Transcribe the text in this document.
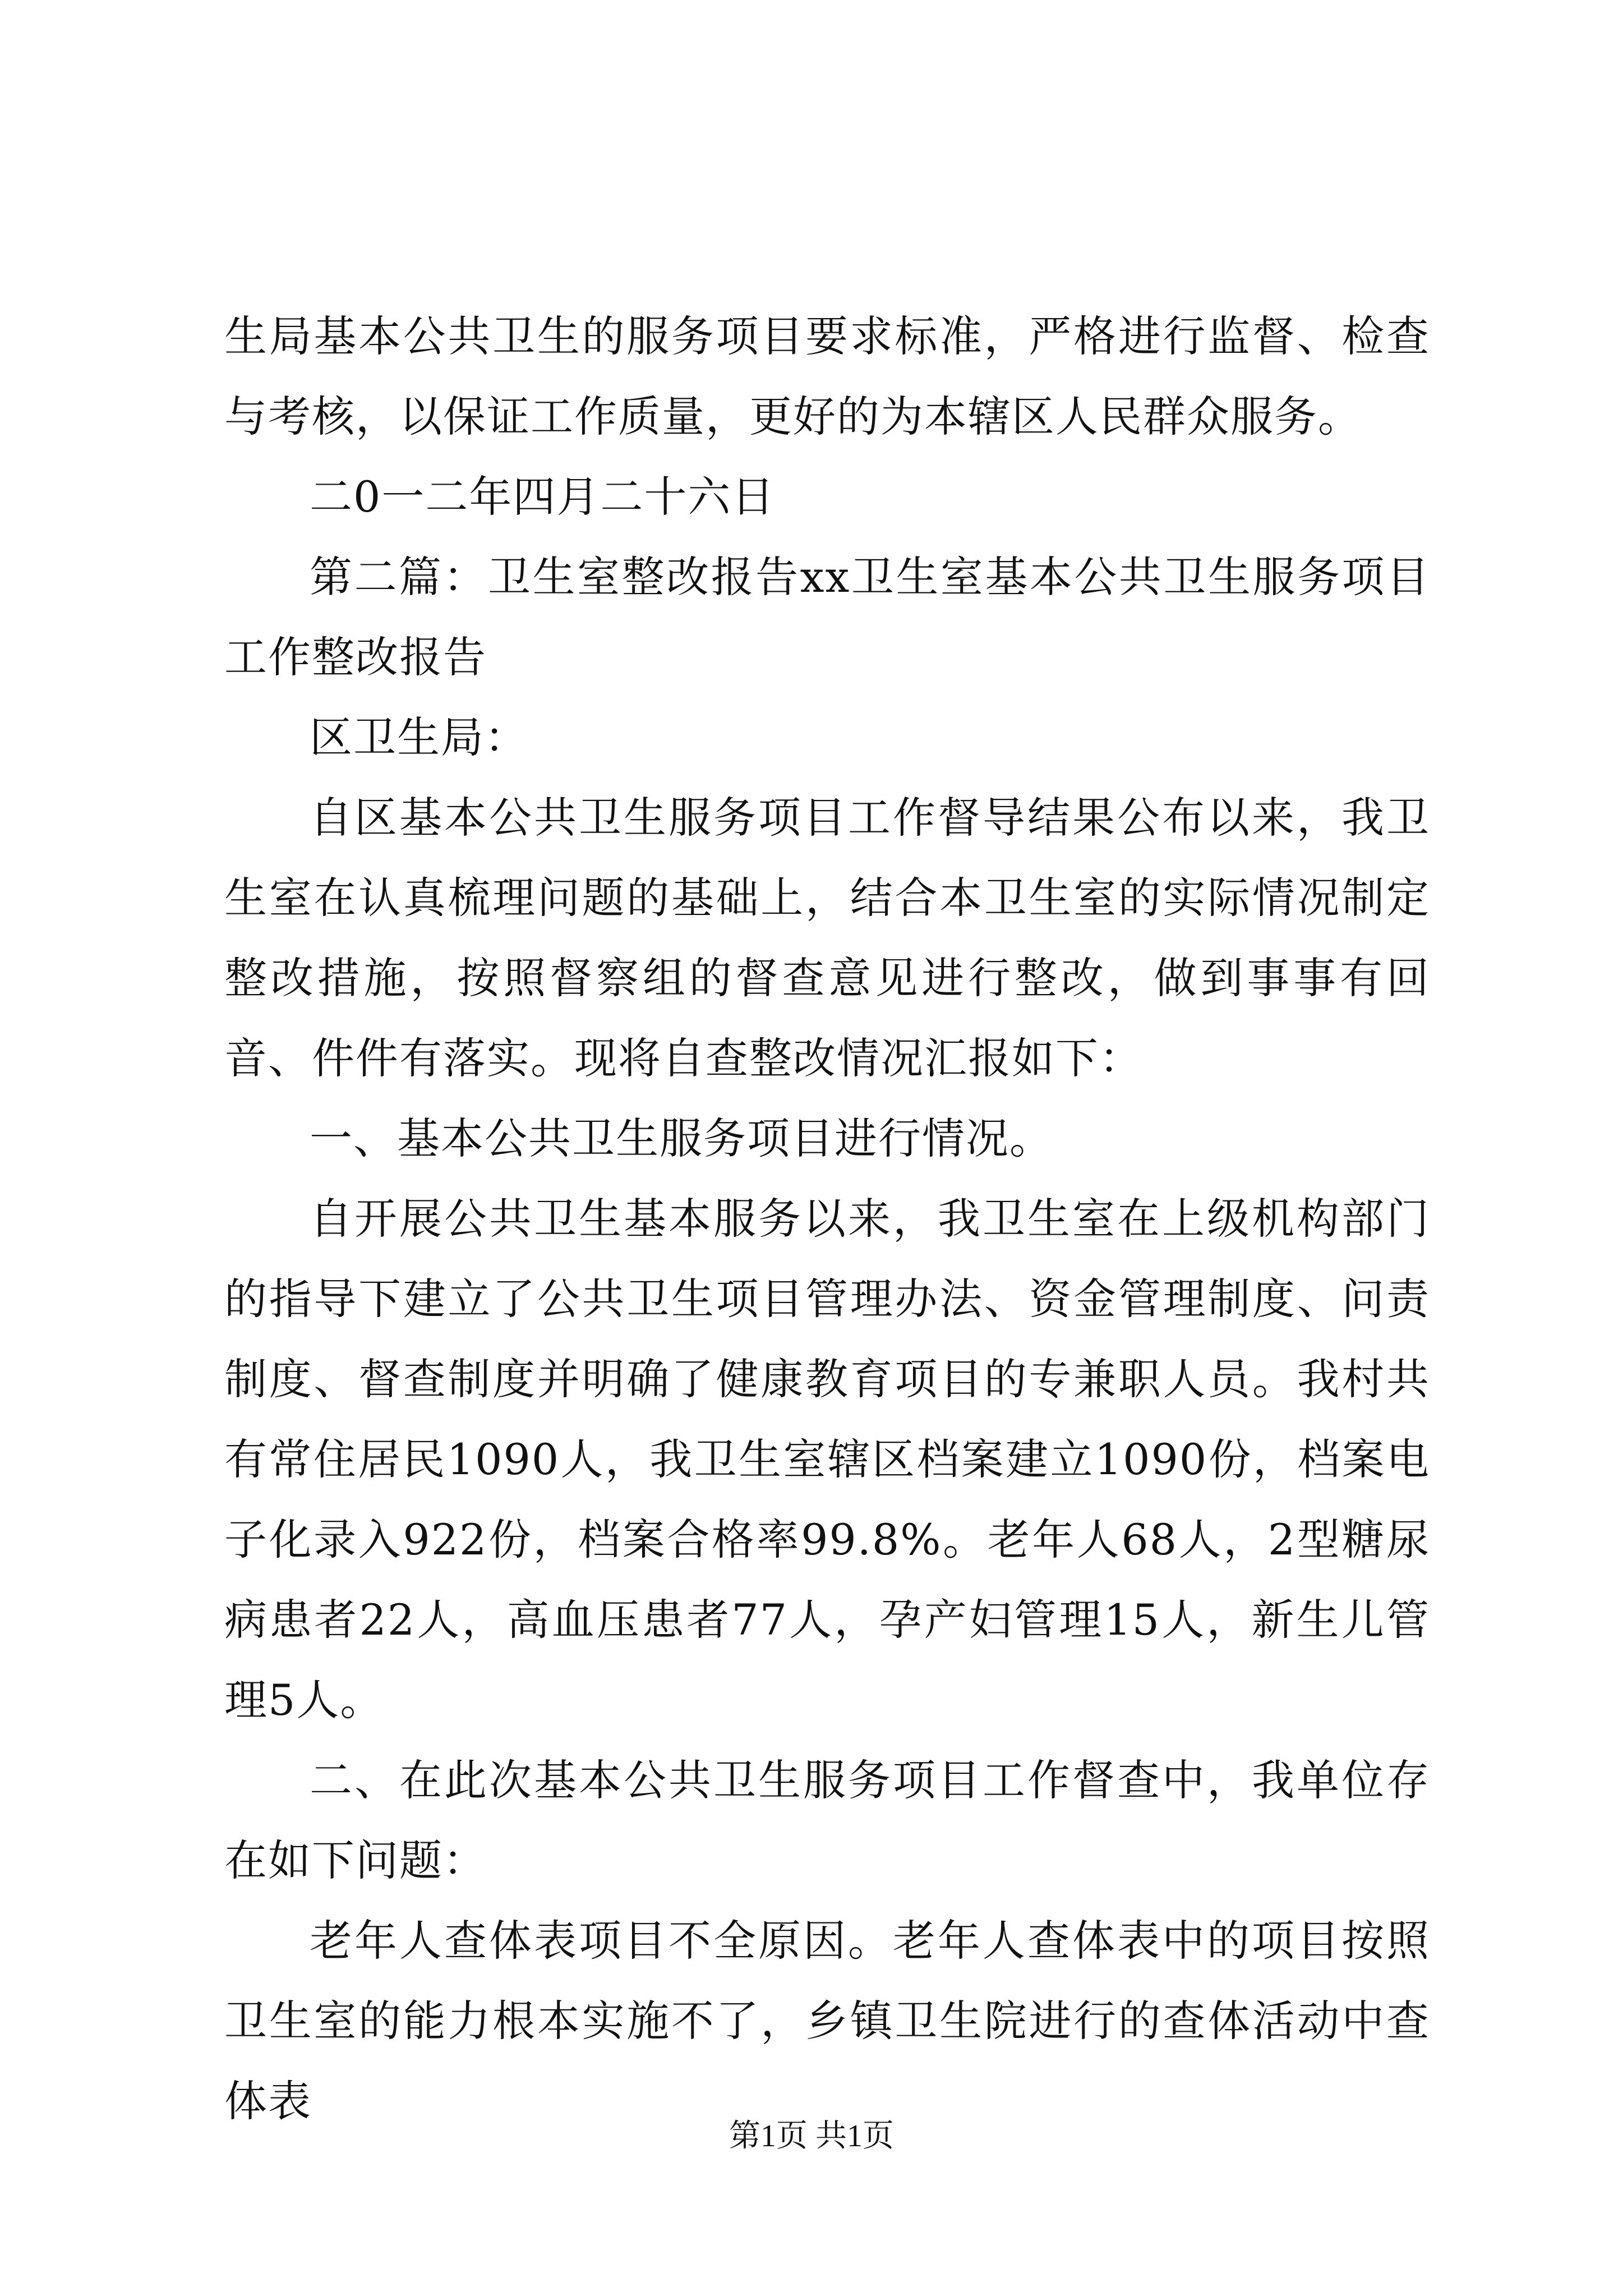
生局基本公共卫生的服务项目要求标准，严格进行监督、检查与考核，以保证工作质量，更好的为本辖区人民群众服务。

二0一二年四月二十六日

第二篇：卫生室整改报告xx卫生室基本公共卫生服务项目工作整改报告

区卫生局：

自区基本公共卫生服务项目工作督导结果公布以来，我卫生室在认真梳理问题的基础上，结合本卫生室的实际情况制定整改措施，按照督察组的督查意见进行整改，做到事事有回音、件件有落实。现将自查整改情况汇报如下：

一、基本公共卫生服务项目进行情况。

自开展公共卫生基本服务以来，我卫生室在上级机构部门的指导下建立了公共卫生项目管理办法、资金管理制度、问责制度、督查制度并明确了健康教育项目的专兼职人员。我村共有常住居民1090人，我卫生室辖区档案建立1090份，档案电子化录入922份，档案合格率99.8%。老年人68人，2型糖尿病患者22人，高血压患者77人，孕产妇管理15人，新生儿管理5人。

二、在此次基本公共卫生服务项目工作督查中，我单位存在如下问题：

老年人查体表项目不全原因。老年人查体表中的项目按照卫生室的能力根本实施不了，乡镇卫生院进行的查体活动中查体表

第1页 共1页
